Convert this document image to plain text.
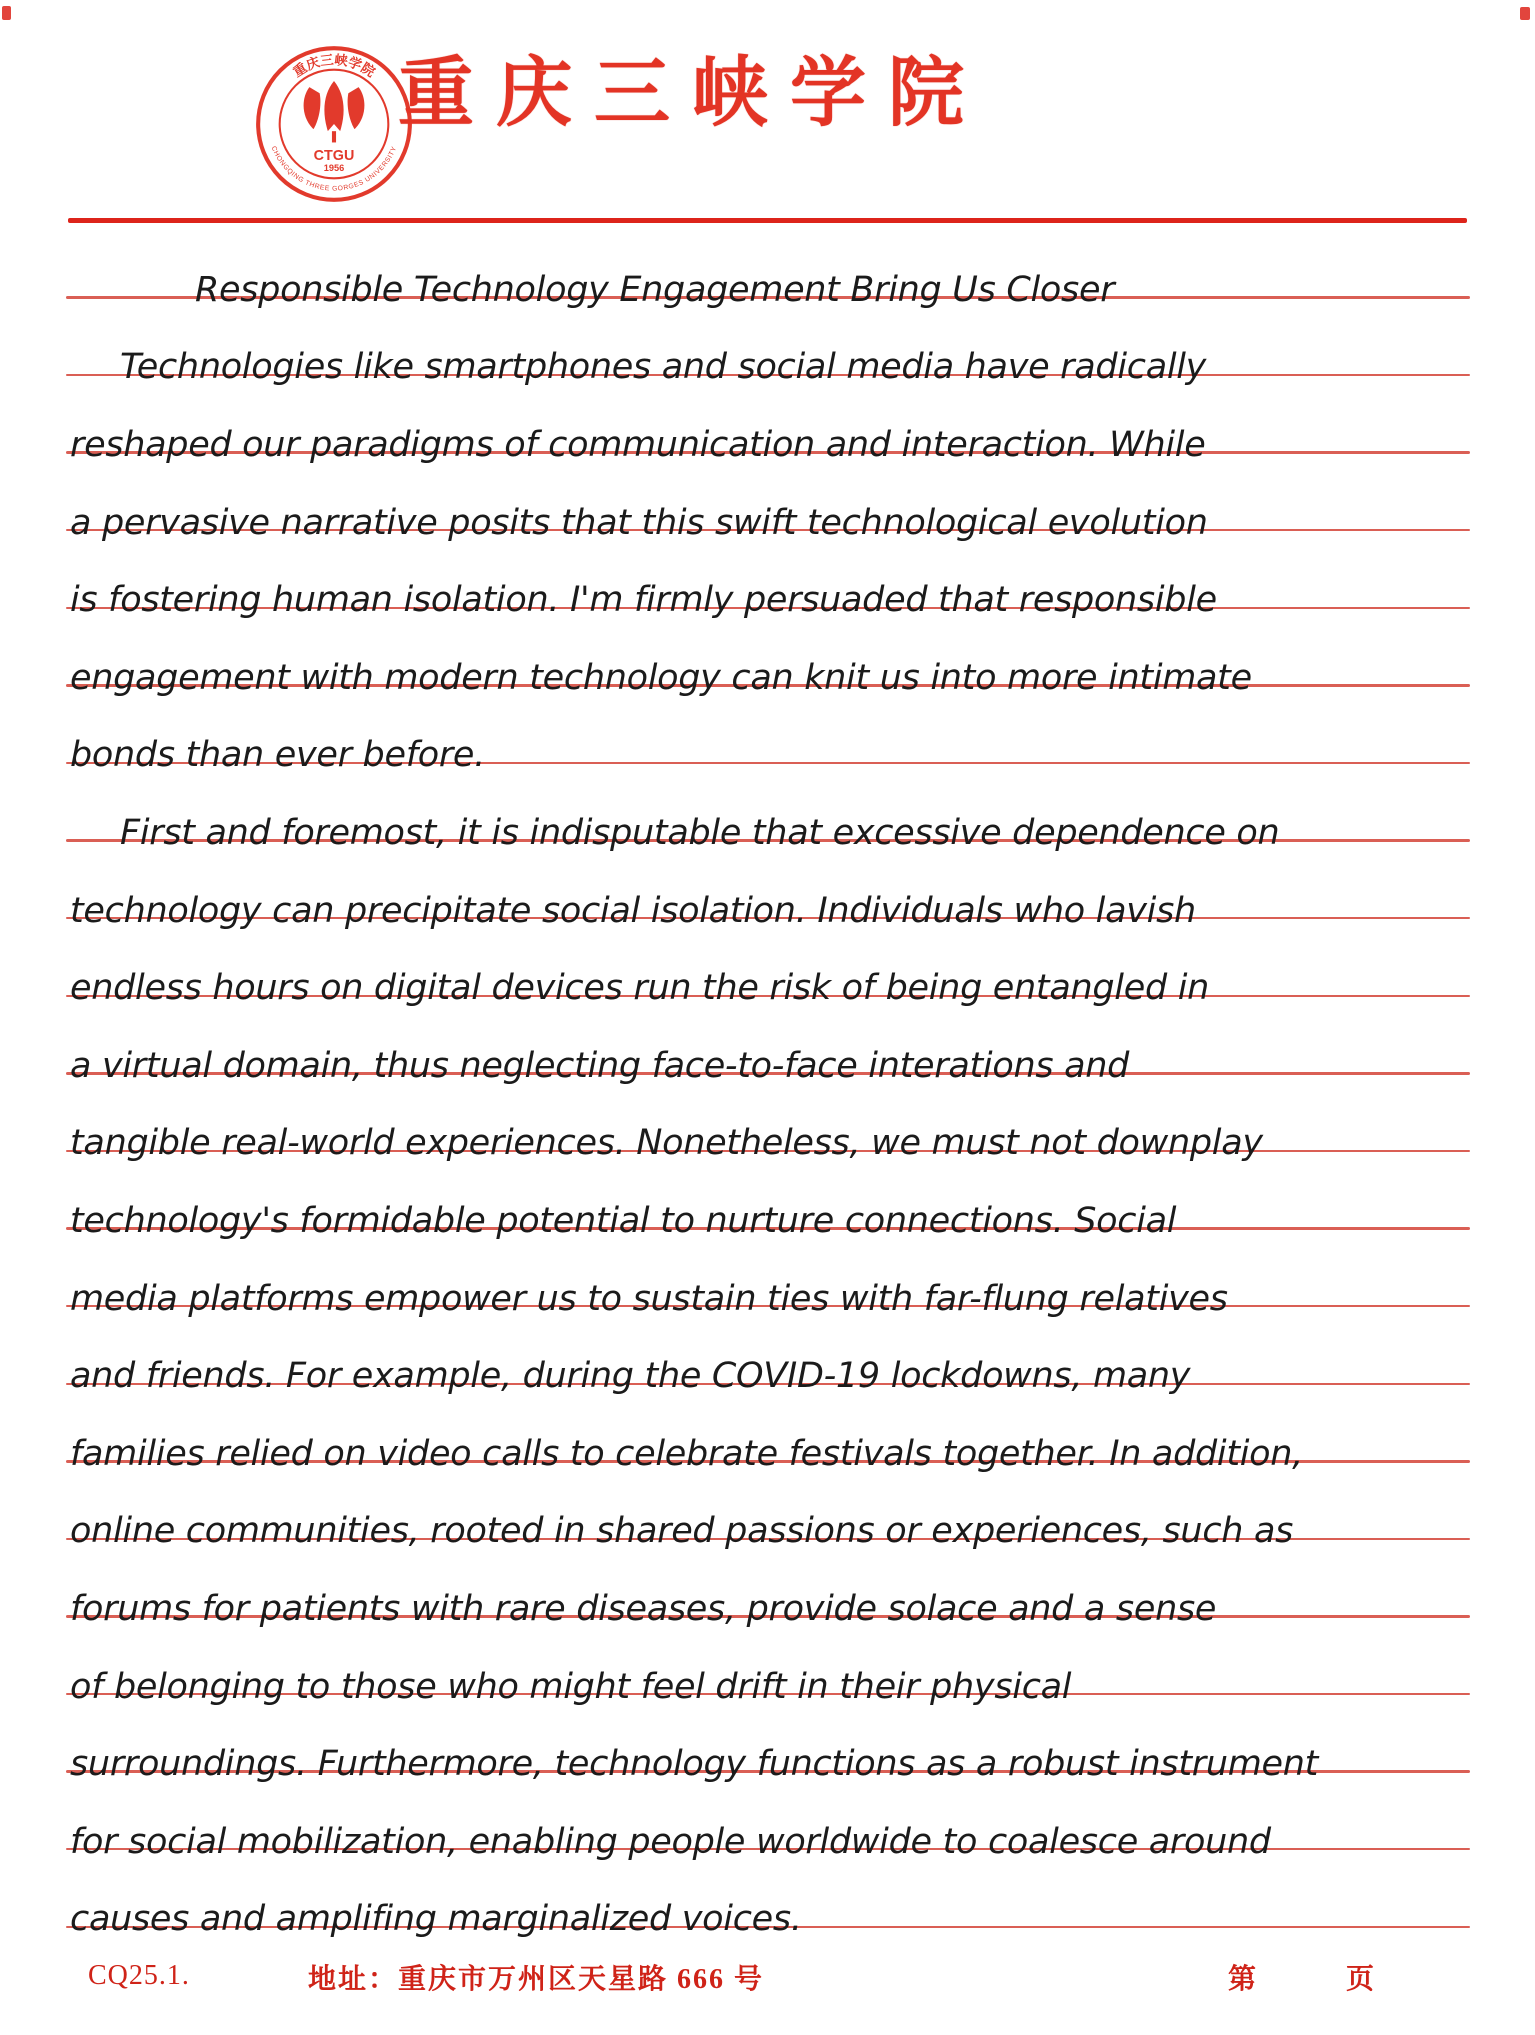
重庆三峡学院
CHONGQING THREE GORGES UNIVERSITY
CTGU
1956
重庆三峡学院
Responsible Technology Engagement Bring Us Closer
Technologies like smartphones and social media have radically
reshaped our paradigms of communication and interaction. While
a pervasive narrative posits that this swift technological evolution
is fostering human isolation. I'm firmly persuaded that responsible
engagement with modern technology can knit us into more intimate
bonds than ever before.
First and foremost, it is indisputable that excessive dependence on
technology can precipitate social isolation. Individuals who lavish
endless hours on digital devices run the risk of being entangled in
a virtual domain, thus neglecting face-to-face interations and
tangible real-world experiences. Nonetheless, we must not downplay
technology's formidable potential to nurture connections. Social
media platforms empower us to sustain ties with far-flung relatives
and friends. For example, during the COVID-19 lockdowns, many
families relied on video calls to celebrate festivals together. In addition,
online communities, rooted in shared passions or experiences, such as
forums for patients with rare diseases, provide solace and a sense
of belonging to those who might feel drift in their physical
surroundings. Furthermore, technology functions as a robust instrument
for social mobilization, enabling people worldwide to coalesce around
causes and amplifing marginalized voices.
CQ25.1.	地址：重庆市万州区天星路 666 号	第	页
